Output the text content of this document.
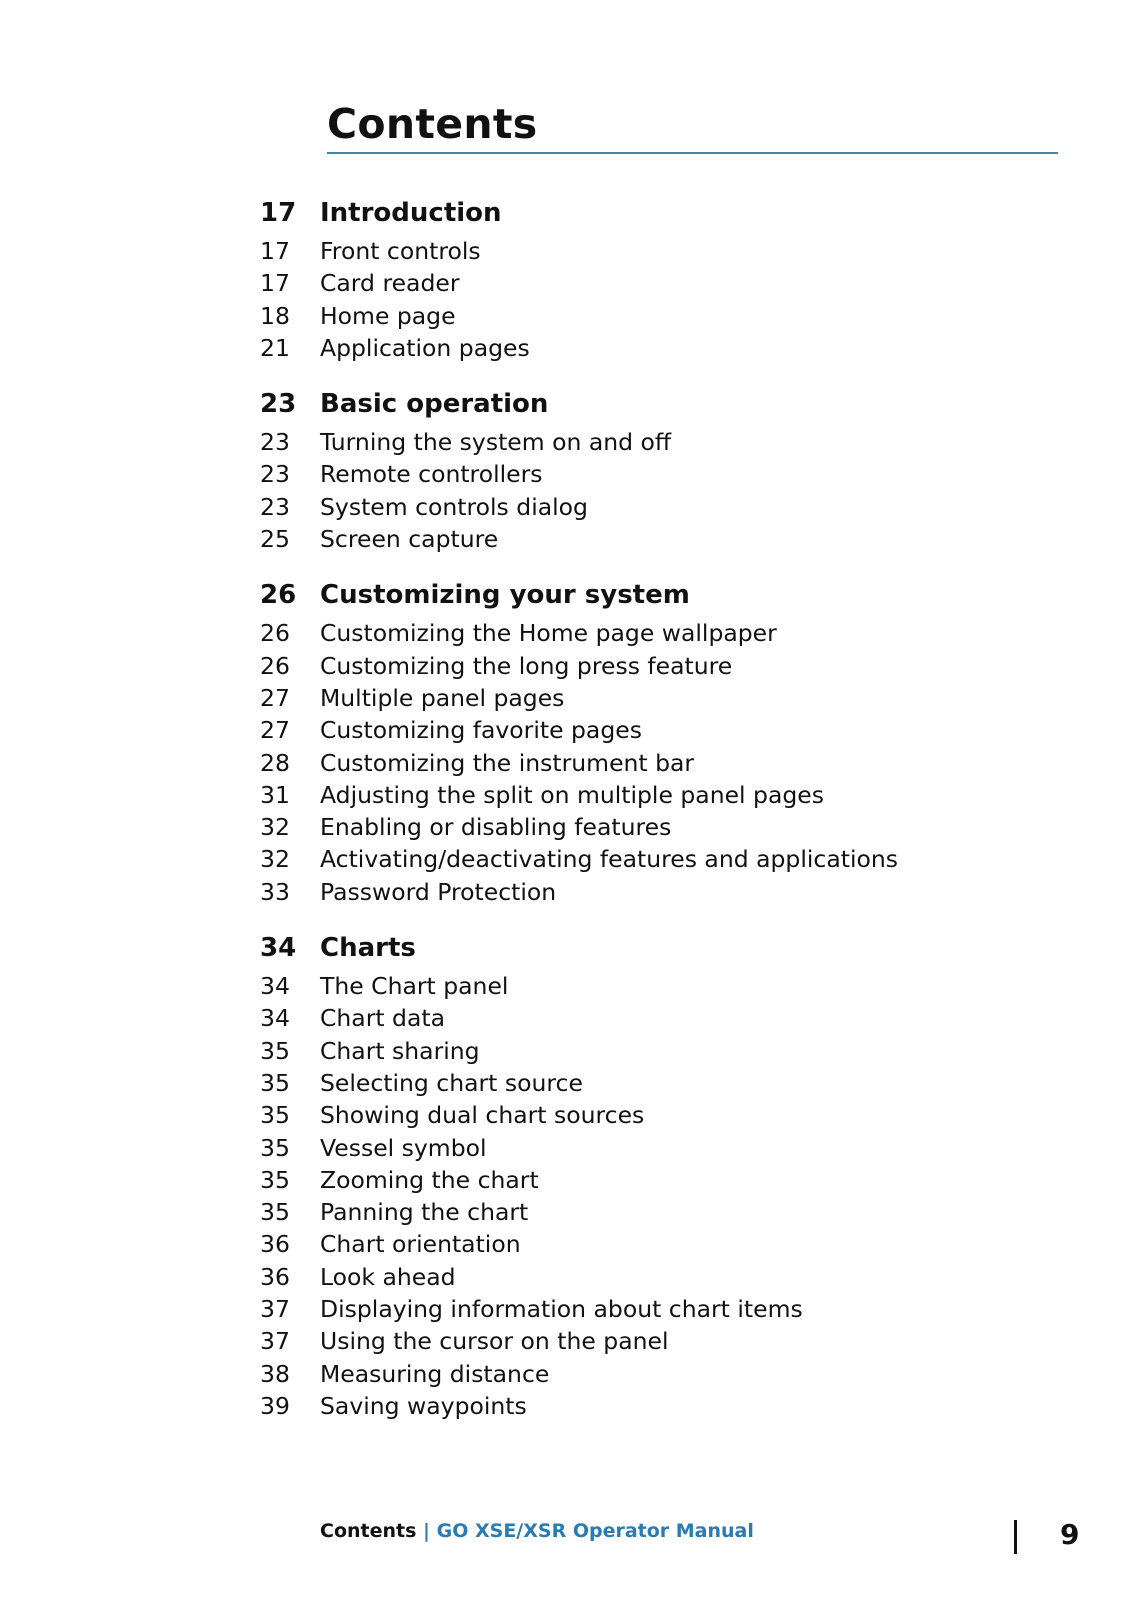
Contents
17 Introduction
17	Front controls
17	Card reader
18	Home page
21	Application pages
23 Basic operation
23	Turning the system on and off
23	Remote controllers
23	System controls dialog
25	Screen capture
26 Customizing your system
26	Customizing the Home page wallpaper
26	Customizing the long press feature
27	Multiple panel pages
27	Customizing favorite pages
28	Customizing the instrument bar
31	Adjusting the split on multiple panel pages
32	Enabling or disabling features
32	Activating/deactivating features and applications
33	Password Protection
34 Charts
34	The Chart panel
34	Chart data
35	Chart sharing
35	Selecting chart source
35	Showing dual chart sources
35	Vessel symbol
35	Zooming the chart
35	Panning the chart
36	Chart orientation
36	Look ahead
37	Displaying information about chart items
37	Using the cursor on the panel
38	Measuring distance
39	Saving waypoints
Contents | GO XSE/XSR Operator Manual	9
